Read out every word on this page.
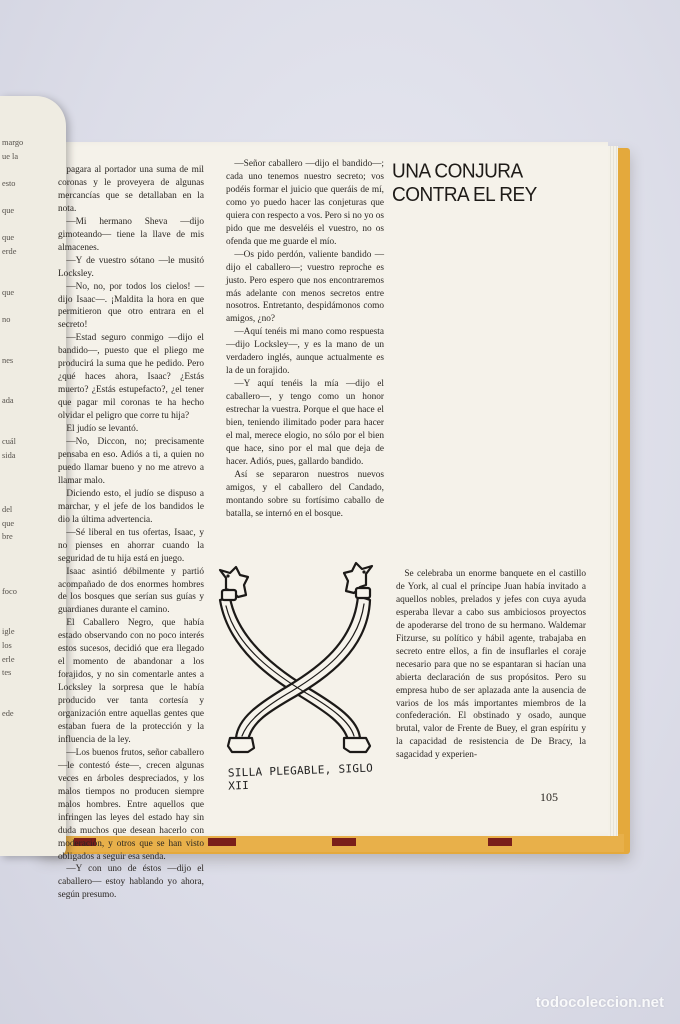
margo
ue la

esto

que

que
erde

que

no

nes

ada

cuál
sida

del
que
bre

foco

igle
los
erle
tes

ede

pagara al portador una suma de mil coronas y le proveyera de algunas mercancías que se detallaban en la nota.

—Mi hermano Sheva —dijo gimoteando— tiene la llave de mis almacenes.

—Y de vuestro sótano —le musitó Locksley.

—No, no, por todos los cielos! —dijo Isaac—. ¡Maldita la hora en que permitieron que otro entrara en el secreto!

—Estad seguro conmigo —dijo el bandido—, puesto que el pliego me producirá la suma que he pedido. Pero ¿qué haces ahora, Isaac? ¿Estás muerto? ¿Estás estupefacto?, ¿el tener que pagar mil coronas te ha hecho olvidar el peligro que corre tu hija?

El judío se levantó.

—No, Diccon, no; precisamente pensaba en eso. Adiós a ti, a quien no puedo llamar bueno y no me atrevo a llamar malo.

Diciendo esto, el judío se dispuso a marchar, y el jefe de los bandidos le dio la última advertencia.

—Sé liberal en tus ofertas, Isaac, y no pienses en ahorrar cuando la seguridad de tu hija está en juego.

Isaac asintió débilmente y partió acompañado de dos enormes hombres de los bosques que serían sus guías y guardianes durante el camino.

El Caballero Negro, que había estado observando con no poco interés estos sucesos, decidió que era llegado el momento de abandonar a los forajidos, y no sin comentarle antes a Locksley la sorpresa que le había producido ver tanta cortesía y organización entre aquellas gentes que estaban fuera de la protección y la influencia de la ley.

—Los buenos frutos, señor caballero —le contestó éste—, crecen algunas veces en árboles despreciados, y los malos tiempos no producen siempre malos hombres. Entre aquellos que infringen las leyes del estado hay sin duda muchos que desean hacerlo con moderación, y otros que se han visto obligados a seguir esa senda.

—Y con uno de éstos —dijo el caballero— estoy hablando yo ahora, según presumo.

—Señor caballero —dijo el bandido—; cada uno tenemos nuestro secreto; vos podéis formar el juicio que queráis de mí, como yo puedo hacer las conjeturas que quiera con respecto a vos. Pero si no yo os pido que me desveléis el vuestro, no os ofenda que me guarde el mío.

—Os pido perdón, valiente bandido —dijo el caballero—; vuestro reproche es justo. Pero espero que nos encontraremos más adelante con menos secretos entre nosotros. Entretanto, despidámonos como amigos, ¿no?

—Aquí tenéis mi mano como respuesta —dijo Locksley—, y es la mano de un verdadero inglés, aunque actualmente es la de un forajido.

—Y aquí tenéis la mía —dijo el caballero—, y tengo como un honor estrechar la vuestra. Porque el que hace el bien, teniendo ilimitado poder para hacer el mal, merece elogio, no sólo por el bien que hace, sino por el mal que deja de hacer. Adiós, pues, gallardo bandido.

Así se separaron nuestros nuevos amigos, y el caballero del Candado, montando sobre su fortísimo caballo de batalla, se internó en el bosque.

Se celebraba un enorme banquete en el castillo de York, al cual el príncipe Juan había invitado a aquellos nobles, prelados y jefes con cuya ayuda esperaba llevar a cabo sus ambiciosos proyectos de apoderarse del trono de su hermano. Waldemar Fitzurse, su político y hábil agente, trabajaba en secreto entre ellos, a fin de insuflarles el coraje necesario para que no se espantaran si hacían una abierta declaración de sus propósitos. Pero su empresa hubo de ser aplazada ante la ausencia de varios de los más importantes miembros de la confederación. El obstinado y osado, aunque brutal, valor de Frente de Buey, el gran espíritu y la capacidad de resistencia de De Bracy, la sagacidad y experien-

UNA CONJURA
CONTRA EL REY
SILLA PLEGABLE, SIGLO XII
105
todocoleccion.net
